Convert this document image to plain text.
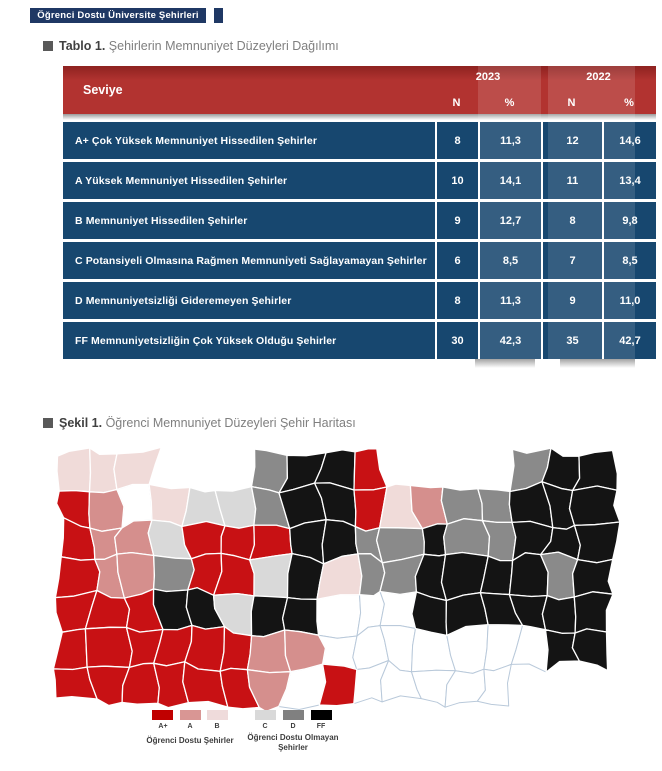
Öğrenci Dostu Üniversite Şehirleri
Tablo 1. Şehirlerin Memnuniyet Düzeyleri Dağılımı
Seviye
2023	2022
N	%	N	%
A+ Çok Yüksek Memnuniyet Hissedilen Şehirler	8	11,3	12	14,6
A Yüksek Memnuniyet Hissedilen Şehirler	10	14,1	11	13,4
B Memnuniyet Hissedilen Şehirler	9	12,7	8	9,8
C Potansiyeli Olmasına Rağmen Memnuniyeti Sağlayamayan Şehirler	6	8,5	7	8,5
D Memnuniyetsizliği Gideremeyen Şehirler	8	11,3	9	11,0
FF Memnuniyetsizliğin Çok Yüksek Olduğu Şehirler	30	42,3	35	42,7
Şekil 1. Öğrenci Memnuniyet Düzeyleri Şehir Haritası
A+	A	B	C	D	FF
Öğrenci Dostu Şehirler	Öğrenci Dostu Olmayan Şehirler
